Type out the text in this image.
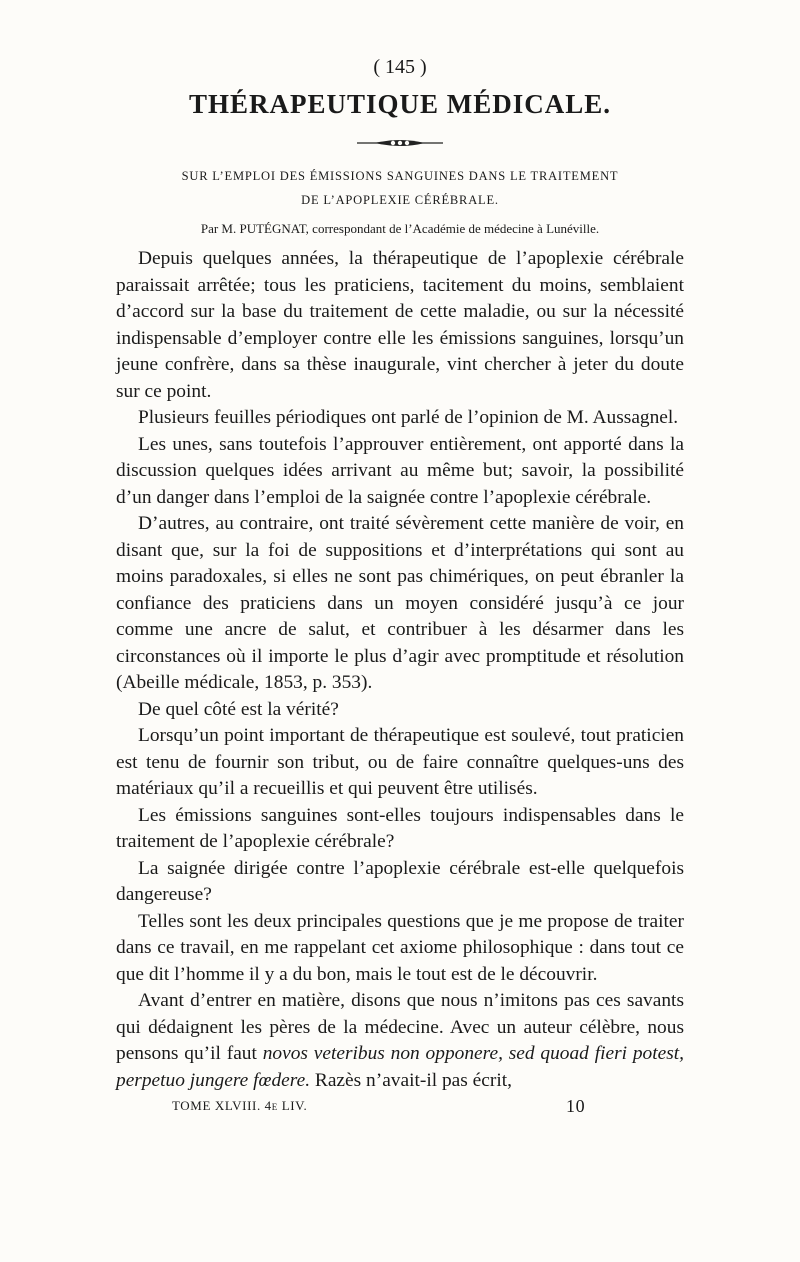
( 145 )
THÉRAPEUTIQUE MÉDICALE.
SUR L’EMPLOI DES ÉMISSIONS SANGUINES DANS LE TRAITEMENT
DE L’APOPLEXIE CÉRÉBRALE.
Par M. PUTÉGNAT, correspondant de l’Académie de médecine à Lunéville.

Depuis quelques années, la thérapeutique de l’apoplexie cérébrale paraissait arrêtée; tous les praticiens, tacitement du moins, semblaient d’accord sur la base du traitement de cette maladie, ou sur la nécessité indispensable d’employer contre elle les émissions sanguines, lorsqu’un jeune confrère, dans sa thèse inaugurale, vint chercher à jeter du doute sur ce point.

Plusieurs feuilles périodiques ont parlé de l’opinion de M. Aussagnel.

Les unes, sans toutefois l’approuver entièrement, ont apporté dans la discussion quelques idées arrivant au même but; savoir, la possibilité d’un danger dans l’emploi de la saignée contre l’apoplexie cérébrale.

D’autres, au contraire, ont traité sévèrement cette manière de voir, en disant que, sur la foi de suppositions et d’interprétations qui sont au moins paradoxales, si elles ne sont pas chimériques, on peut ébranler la confiance des praticiens dans un moyen considéré jusqu’à ce jour comme une ancre de salut, et contribuer à les désarmer dans les circonstances où il importe le plus d’agir avec promptitude et résolution (Abeille médicale, 1853, p. 353).

De quel côté est la vérité?

Lorsqu’un point important de thérapeutique est soulevé, tout praticien est tenu de fournir son tribut, ou de faire connaître quelques-uns des matériaux qu’il a recueillis et qui peuvent être utilisés.

Les émissions sanguines sont-elles toujours indispensables dans le traitement de l’apoplexie cérébrale?

La saignée dirigée contre l’apoplexie cérébrale est-elle quelquefois dangereuse?

Telles sont les deux principales questions que je me propose de traiter dans ce travail, en me rappelant cet axiome philosophique : dans tout ce que dit l’homme il y a du bon, mais le tout est de le découvrir.

Avant d’entrer en matière, disons que nous n’imitons pas ces savants qui dédaignent les pères de la médecine. Avec un auteur célèbre, nous pensons qu’il faut novos veteribus non opponere, sed quoad fieri potest, perpetuo jungere fœdere. Razès n’avait-il pas écrit,

TOME XLVIII. 4e LIV.	10
